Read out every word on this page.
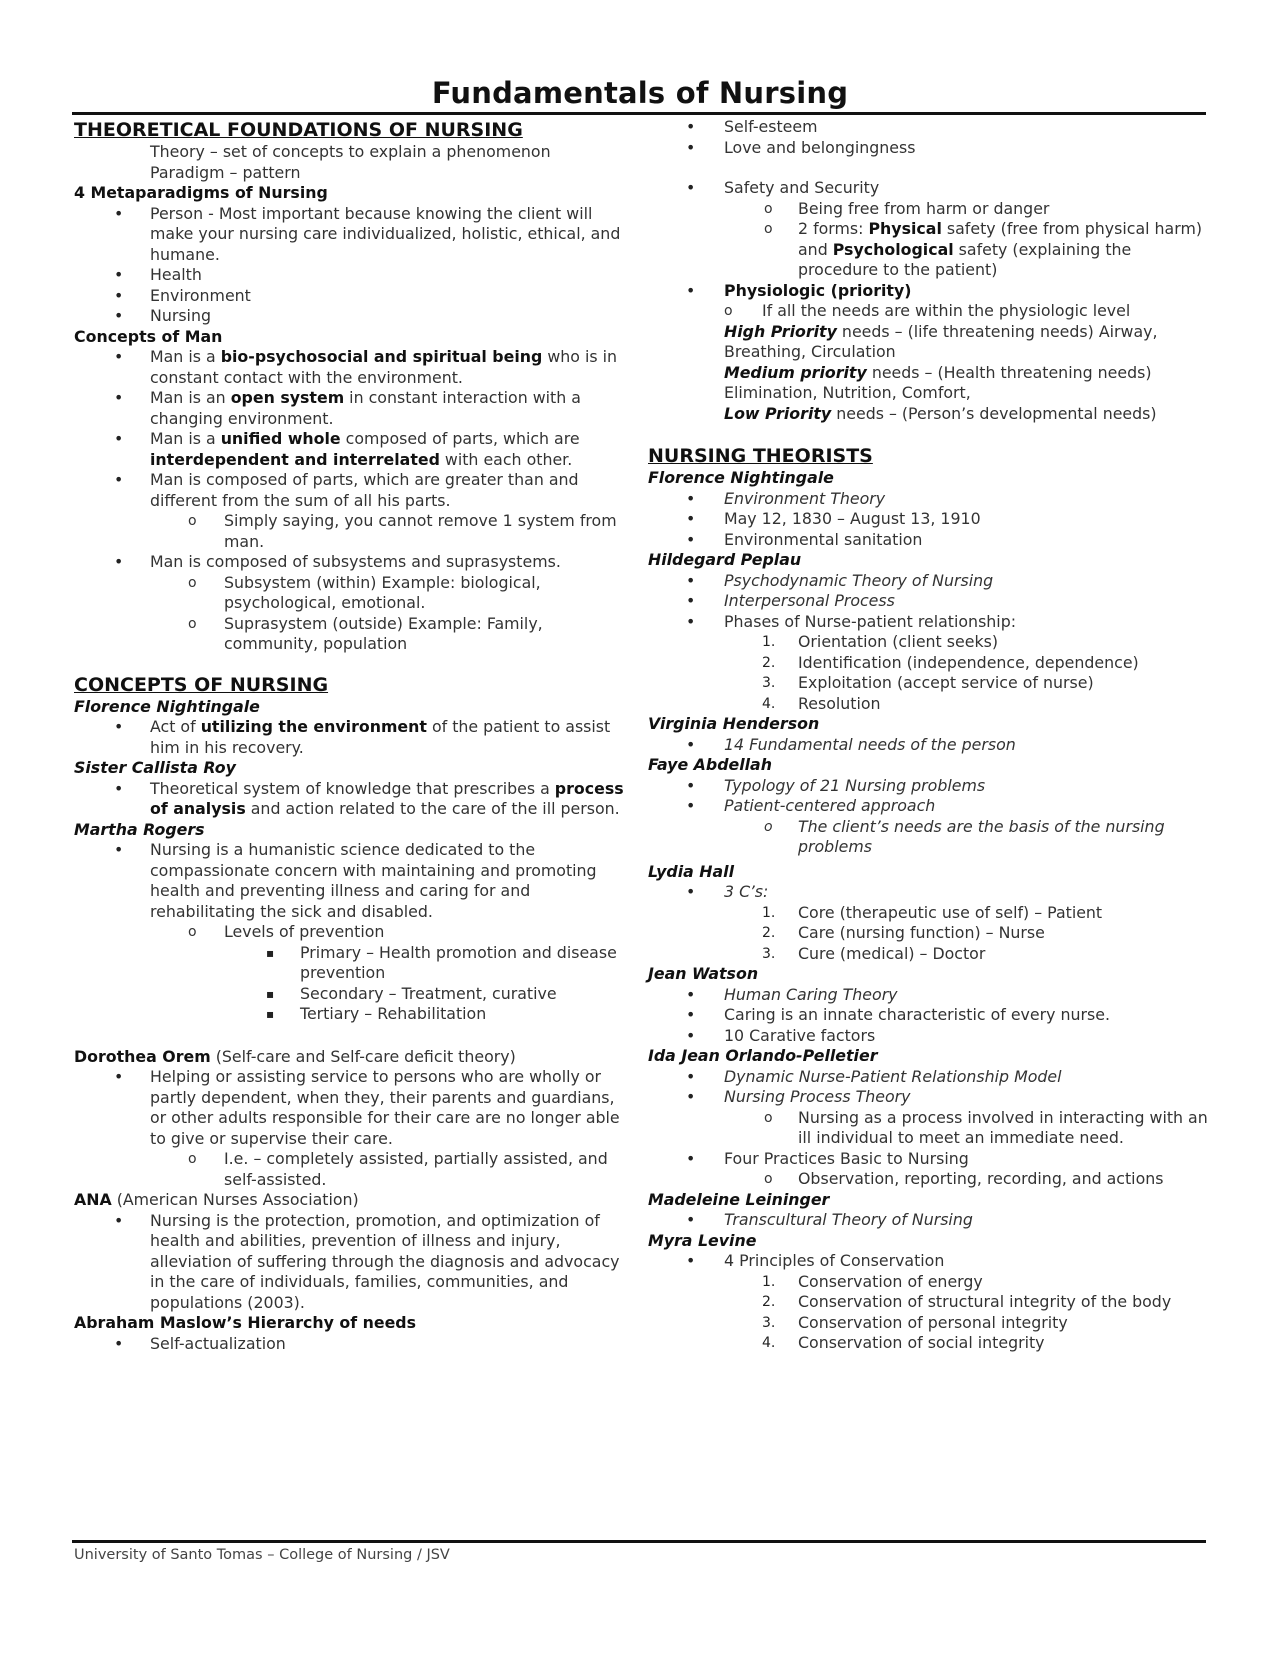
Fundamentals of Nursing

THEORETICAL FOUNDATIONS OF NURSING

Theory – set of concepts to explain a phenomenon

Paradigm – pattern

4 Metaparadigms of Nursing

• Person - Most important because knowing the client will make your nursing care individualized, holistic, ethical, and humane.
• Health
• Environment
• Nursing

Concepts of Man

• Man is a bio-psychosocial and spiritual being who is in constant contact with the environment.
• Man is an open system in constant interaction with a changing environment.
• Man is a unified whole composed of parts, which are interdependent and interrelated with each other.
• Man is composed of parts, which are greater than and different from the sum of all his parts.
o Simply saying, you cannot remove 1 system from man.
• Man is composed of subsystems and suprasystems.
o Subsystem (within) Example: biological, psychological, emotional.
o Suprasystem (outside) Example: Family, community, population

CONCEPTS OF NURSING

Florence Nightingale

• Act of utilizing the environment of the patient to assist him in his recovery.

Sister Callista Roy

• Theoretical system of knowledge that prescribes a process of analysis and action related to the care of the ill person.

Martha Rogers

• Nursing is a humanistic science dedicated to the compassionate concern with maintaining and promoting health and preventing illness and caring for and rehabilitating the sick and disabled.
o Levels of prevention
▪ Primary – Health promotion and disease prevention
▪ Secondary – Treatment, curative
▪ Tertiary – Rehabilitation

Dorothea Orem (Self-care and Self-care deficit theory)

• Helping or assisting service to persons who are wholly or partly dependent, when they, their parents and guardians, or other adults responsible for their care are no longer able to give or supervise their care.
o I.e. – completely assisted, partially assisted, and self-assisted.

ANA (American Nurses Association)

• Nursing is the protection, promotion, and optimization of health and abilities, prevention of illness and injury, alleviation of suffering through the diagnosis and advocacy in the care of individuals, families, communities, and populations (2003).

Abraham Maslow’s Hierarchy of needs

• Self-actualization
• Self-esteem
• Love and belongingness
• Safety and Security
o Being free from harm or danger
o 2 forms: Physical safety (free from physical harm) and Psychological safety (explaining the procedure to the patient)
• Physiologic (priority)

o If all the needs are within the physiologic level

High Priority needs – (life threatening needs) Airway, Breathing, Circulation

Medium priority needs – (Health threatening needs) Elimination, Nutrition, Comfort,

Low Priority needs – (Person’s developmental needs)

NURSING THEORISTS

Florence Nightingale

• Environment Theory
• May 12, 1830 – August 13, 1910
• Environmental sanitation

Hildegard Peplau

• Psychodynamic Theory of Nursing
• Interpersonal Process
• Phases of Nurse-patient relationship:
1. Orientation (client seeks)
2. Identification (independence, dependence)
3. Exploitation (accept service of nurse)
4. Resolution

Virginia Henderson

• 14 Fundamental needs of the person

Faye Abdellah

• Typology of 21 Nursing problems
• Patient-centered approach
o The client’s needs are the basis of the nursing problems

Lydia Hall

• 3 C’s:
1. Core (therapeutic use of self) – Patient
2. Care (nursing function) – Nurse
3. Cure (medical) – Doctor

Jean Watson

• Human Caring Theory
• Caring is an innate characteristic of every nurse.
• 10 Carative factors

Ida Jean Orlando-Pelletier

• Dynamic Nurse-Patient Relationship Model
• Nursing Process Theory
o Nursing as a process involved in interacting with an ill individual to meet an immediate need.
• Four Practices Basic to Nursing
o Observation, reporting, recording, and actions

Madeleine Leininger

• Transcultural Theory of Nursing

Myra Levine

• 4 Principles of Conservation
1. Conservation of energy
2. Conservation of structural integrity of the body
3. Conservation of personal integrity
4. Conservation of social integrity
University of Santo Tomas – College of Nursing / JSV
